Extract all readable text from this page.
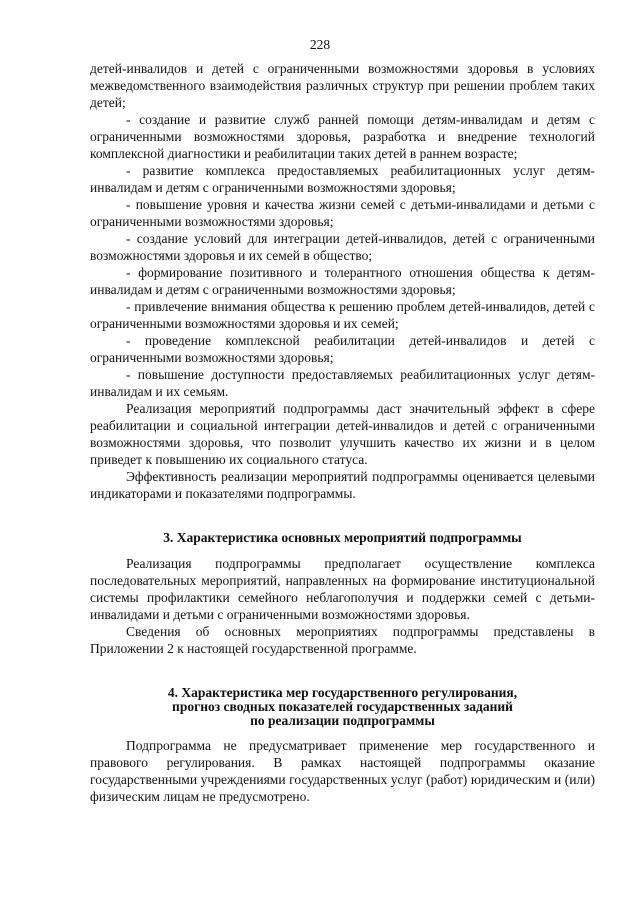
228

детей-инвалидов и детей с ограниченными возможностями здоровья в условиях межведомственного взаимодействия различных структур при решении проблем таких детей;

- создание и развитие служб ранней помощи детям-инвалидам и детям с ограниченными возможностями здоровья, разработка и внедрение технологий комплексной диагностики и реабилитации таких детей в раннем возрасте;

- развитие комплекса предоставляемых реабилитационных услуг детям-инвалидам и детям с ограниченными возможностями здоровья;

- повышение уровня и качества жизни семей с детьми-инвалидами и детьми с ограниченными возможностями здоровья;

- создание условий для интеграции детей-инвалидов, детей с ограниченными возможностями здоровья и их семей в общество;

- формирование позитивного и толерантного отношения общества к детям-инвалидам и детям с ограниченными возможностями здоровья;

- привлечение внимания общества к решению проблем детей-инвалидов, детей с ограниченными возможностями здоровья и их семей;

- проведение комплексной реабилитации детей-инвалидов и детей с ограниченными возможностями здоровья;

- повышение доступности предоставляемых реабилитационных услуг детям-инвалидам и их семьям.

Реализация мероприятий подпрограммы даст значительный эффект в сфере реабилитации и социальной интеграции детей-инвалидов и детей с ограниченными возможностями здоровья, что позволит улучшить качество их жизни и в целом приведет к повышению их социального статуса.

Эффективность реализации мероприятий подпрограммы оценивается целевыми индикаторами и показателями подпрограммы.

3. Характеристика основных мероприятий подпрограммы

Реализация подпрограммы предполагает осуществление комплекса последовательных мероприятий, направленных на формирование институциональной системы профилактики семейного неблагополучия и поддержки семей с детьми-инвалидами и детьми с ограниченными возможностями здоровья.

Сведения об основных мероприятиях подпрограммы представлены в Приложении 2 к настоящей государственной программе.

4. Характеристика мер государственного регулирования,
прогноз сводных показателей государственных заданий
по реализации подпрограммы

Подпрограмма не предусматривает применение мер государственного и правового регулирования. В рамках настоящей подпрограммы оказание государственными учреждениями государственных услуг (работ) юридическим и (или) физическим лицам не предусмотрено.
